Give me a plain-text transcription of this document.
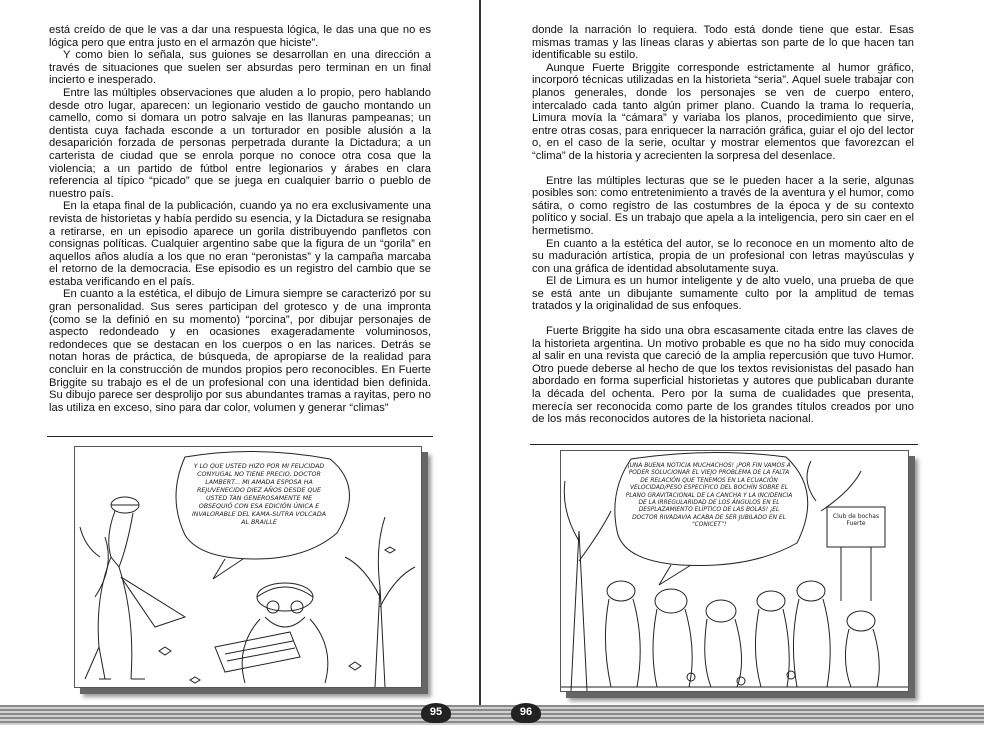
está creído de que le vas a dar una respuesta lógica, le das una que no es lógica pero que entra justo en el armazón que hiciste”.

Y como bien lo señala, sus guiones se desarrollan en una dirección a través de situaciones que suelen ser absurdas pero terminan en un final incierto e inesperado.

Entre las múltiples observaciones que aluden a lo propio, pero hablando desde otro lugar, aparecen: un legionario vestido de gaucho montando un camello, como si domara un potro salvaje en las llanuras pampeanas; un dentista cuya fachada esconde a un torturador en posible alusión a la desaparición forzada de personas perpetrada durante la Dictadura; a un carterista de ciudad que se enrola porque no conoce otra cosa que la violencia; a un partido de fútbol entre legionarios y árabes en clara referencia al típico “picado” que se juega en cualquier barrio o pueblo de nuestro país.

En la etapa final de la publicación, cuando ya no era exclusivamente una revista de historietas y había perdido su esencia, y la Dictadura se resignaba a retirarse, en un episodio aparece un gorila distribuyendo panfletos con consignas políticas. Cualquier argentino sabe que la figura de un “gorila” en aquellos años aludía a los que no eran “peronistas” y la campaña marcaba el retorno de la democracia. Ese episodio es un registro del cambio que se estaba verificando en el país.

En cuanto a la estética, el dibujo de Limura siempre se caracterizó por su gran personalidad. Sus seres participan del grotesco y de una impronta (como se la definió en su momento) “porcina”, por dibujar personajes de aspecto redondeado y en ocasiones exageradamente voluminosos, redondeces que se destacan en los cuerpos o en las narices. Detrás se notan horas de práctica, de búsqueda, de apropiarse de la realidad para concluir en la construcción de mundos propios pero reconocibles. En Fuerte Briggite su trabajo es el de un profesional con una identidad bien definida. Su dibujo parece ser desprolijo por sus abundantes tramas a rayitas, pero no las utiliza en exceso, sino para dar color, volumen y generar “climas”

Y LO QUE USTED HIZO POR MI FELICIDAD CONYUGAL NO TIENE PRECIO, DOCTOR LAMBERT... MI AMADA ESPOSA HA REJUVENECIDO DIEZ AÑOS DESDE QUE USTED TAN GENEROSAMENTE ME OBSEQUIÓ CON ESA EDICIÓN ÚNICA E INVALORABLE DEL KAMA-SUTRA VOLCADA AL BRAILLE

donde la narración lo requiera. Todo está donde tiene que estar. Esas mismas tramas y las líneas claras y abiertas son parte de lo que hacen tan identificable su estilo.

Aunque Fuerte Briggite corresponde estrictamente al humor gráfico, incorporó técnicas utilizadas en la historieta “seria”. Aquel suele trabajar con planos generales, donde los personajes se ven de cuerpo entero, intercalado cada tanto algún primer plano. Cuando la trama lo requería, Limura movía la “cámara” y variaba los planos, procedimiento que sirve, entre otras cosas, para enriquecer la narración gráfica, guiar el ojo del lector o, en el caso de la serie, ocultar y mostrar elementos que favorezcan el “clima” de la historia y acrecienten la sorpresa del desenlace.

Entre las múltiples lecturas que se le pueden hacer a la serie, algunas posibles son: como entretenimiento a través de la aventura y el humor, como sátira, o como registro de las costumbres de la época y de su contexto político y social. Es un trabajo que apela a la inteligencia, pero sin caer en el hermetismo.

En cuanto a la estética del autor, se lo reconoce en un momento alto de su maduración artística, propia de un profesional con letras mayúsculas y con una gráfica de identidad absolutamente suya.

El de Limura es un humor inteligente y de alto vuelo, una prueba de que se está ante un dibujante sumamente culto por la amplitud de temas tratados y la originalidad de sus enfoques.

Fuerte Briggite ha sido una obra escasamente citada entre las claves de la historieta argentina. Un motivo probable es que no ha sido muy conocida al salir en una revista que careció de la amplia repercusión que tuvo Humor. Otro puede deberse al hecho de que los textos revisionistas del pasado han abordado en forma superficial historietas y autores que publicaban durante la década del ochenta. Pero por la suma de cualidades que presenta, merecía ser reconocida como parte de los grandes títulos creados por uno de los más reconocidos autores de la historieta nacional.

¡UNA BUENA NOTICIA MUCHACHOS! ¡POR FIN VAMOS A PODER SOLUCIONAR EL VIEJO PROBLEMA DE LA FALTA DE RELACIÓN QUE TENEMOS EN LA ECUACIÓN VELOCIDAD/PESO ESPECÍFICO DEL BOCHÍN SOBRE EL PLANO GRAVITACIONAL DE LA CANCHA Y LA INCIDENCIA DE LA IRREGULARIDAD DE LOS ÁNGULOS EN EL DESPLAZAMIENTO ELÍPTICO DE LAS BOLAS! ¡EL DOCTOR RIVADAVIA ACABA DE SER JUBILADO EN EL “CONICET”!
Club de bochas Fuerte
95	96
